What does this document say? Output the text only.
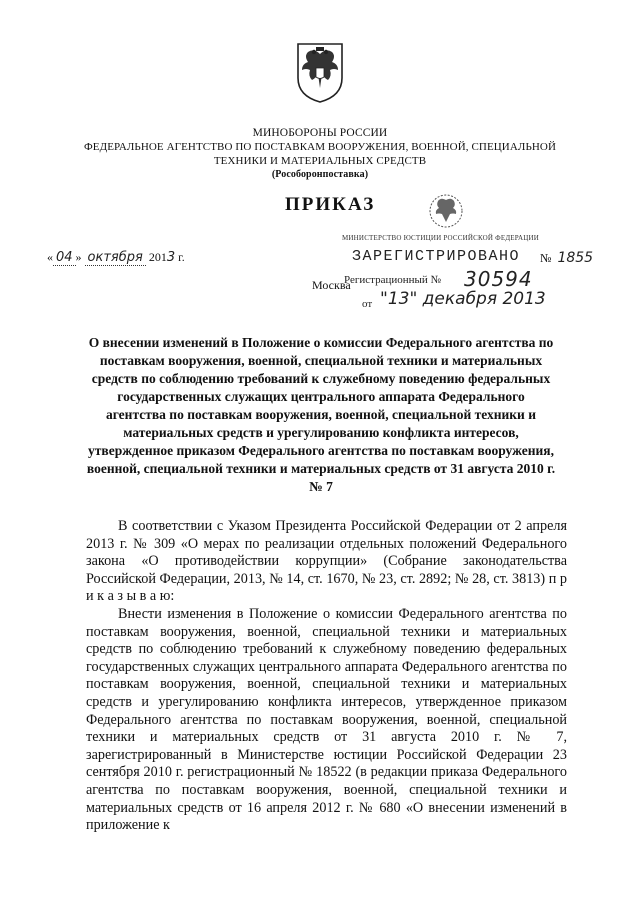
МИНОБОРОНЫ РОССИИ
ФЕДЕРАЛЬНОЕ АГЕНТСТВО ПО ПОСТАВКАМ ВООРУЖЕНИЯ, ВОЕННОЙ, СПЕЦИАЛЬНОЙ
ТЕХНИКИ И МАТЕРИАЛЬНЫХ СРЕДСТВ
(Рособоронпоставка)
ПРИКАЗ
« 04 » октября 2013 г.
Москва
МИНИСТЕРСТВО ЮСТИЦИИ РОССИЙСКОЙ ФЕДЕРАЦИИ
ЗАРЕГИСТРИРОВАНО
Регистрационный № 30594
от "13" декабря 2013
№ 1855
О внесении изменений в Положение о комиссии Федерального агентства по поставкам вооружения, военной, специальной техники и материальных средств по соблюдению требований к служебному поведению федеральных государственных служащих центрального аппарата Федерального агентства по поставкам вооружения, военной, специальной техники и материальных средств и урегулированию конфликта интересов, утвержденное приказом Федерального агентства по поставкам вооружения, военной, специальной техники и материальных средств от 31 августа 2010 г. № 7

В соответствии с Указом Президента Российской Федерации от 2 апреля 2013 г. № 309 «О мерах по реализации отдельных положений Федерального закона «О противодействии коррупции» (Собрание законодательства Российской Федерации, 2013, № 14, ст. 1670, № 23, ст. 2892; № 28, ст. 3813) п р и к а з ы в а ю:

Внести изменения в Положение о комиссии Федерального агентства по поставкам вооружения, военной, специальной техники и материальных средств по соблюдению требований к служебному поведению федеральных государственных служащих центрального аппарата Федерального агентства по поставкам вооружения, военной, специальной техники и материальных средств и урегулированию конфликта интересов, утвержденное приказом Федерального агентства по поставкам вооружения, военной, специальной техники и материальных средств от 31 августа 2010 г. № 7, зарегистрированный в Министерстве юстиции Российской Федерации 23 сентября 2010 г. регистрационный № 18522 (в редакции приказа Федерального агентства по поставкам вооружения, военной, специальной техники и материальных средств от 16 апреля 2012 г. № 680 «О внесении изменений в приложение к
